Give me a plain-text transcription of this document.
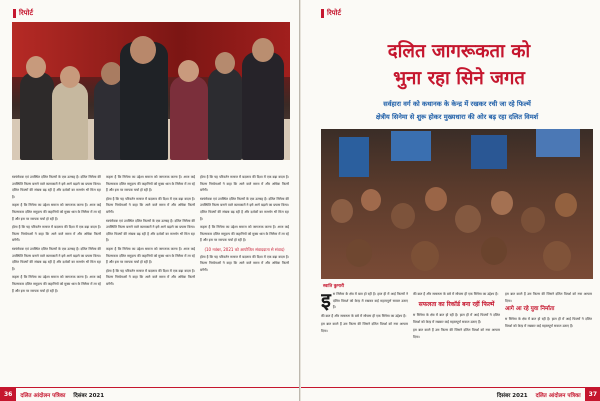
रिपोर्ट

स्वयंसेवक एवं उपस्थित दलित फिल्मों के एक उत्साह है। दलित सिनेमा की उपस्थिति फिल्म बनाने वाले कलाकारों ने इसे आगे बढ़ाने का प्रयास किया। दलित फिल्मों की संख्या बढ़ रही है और दर्शकों का समर्थन भी मिल रहा है।

कहना है कि सिनेमा का उद्देश्य समाज को जागरूक करना है। आज कई फिल्मकार दलित समुदाय की कहानियों को मुख्य धारा के सिनेमा में ला रहे हैं और इस पर व्यापक चर्चा हो रही है।

होता है कि यह परिवर्तन समाज में बदलाव की दिशा में एक बड़ा कदम है। फिल्म निर्माताओं ने कहा कि आने वाले समय में और अधिक फिल्में बनेंगी।

स्वयंसेवक एवं उपस्थित दलित फिल्मों के एक उत्साह है। दलित सिनेमा की उपस्थिति फिल्म बनाने वाले कलाकारों ने इसे आगे बढ़ाने का प्रयास किया। दलित फिल्मों की संख्या बढ़ रही है और दर्शकों का समर्थन भी मिल रहा है।

कहना है कि सिनेमा का उद्देश्य समाज को जागरूक करना है। आज कई फिल्मकार दलित समुदाय की कहानियों को मुख्य धारा के सिनेमा में ला रहे हैं और इस पर व्यापक चर्चा हो रही है।

कहना है कि सिनेमा का उद्देश्य समाज को जागरूक करना है। आज कई फिल्मकार दलित समुदाय की कहानियों को मुख्य धारा के सिनेमा में ला रहे हैं और इस पर व्यापक चर्चा हो रही है।

होता है कि यह परिवर्तन समाज में बदलाव की दिशा में एक बड़ा कदम है। फिल्म निर्माताओं ने कहा कि आने वाले समय में और अधिक फिल्में बनेंगी।

स्वयंसेवक एवं उपस्थित दलित फिल्मों के एक उत्साह है। दलित सिनेमा की उपस्थिति फिल्म बनाने वाले कलाकारों ने इसे आगे बढ़ाने का प्रयास किया। दलित फिल्मों की संख्या बढ़ रही है और दर्शकों का समर्थन भी मिल रहा है।

कहना है कि सिनेमा का उद्देश्य समाज को जागरूक करना है। आज कई फिल्मकार दलित समुदाय की कहानियों को मुख्य धारा के सिनेमा में ला रहे हैं और इस पर व्यापक चर्चा हो रही है।

होता है कि यह परिवर्तन समाज में बदलाव की दिशा में एक बड़ा कदम है। फिल्म निर्माताओं ने कहा कि आने वाले समय में और अधिक फिल्में बनेंगी।

होता है कि यह परिवर्तन समाज में बदलाव की दिशा में एक बड़ा कदम है। फिल्म निर्माताओं ने कहा कि आने वाले समय में और अधिक फिल्में बनेंगी।

स्वयंसेवक एवं उपस्थित दलित फिल्मों के एक उत्साह है। दलित सिनेमा की उपस्थिति फिल्म बनाने वाले कलाकारों ने इसे आगे बढ़ाने का प्रयास किया। दलित फिल्मों की संख्या बढ़ रही है और दर्शकों का समर्थन भी मिल रहा है।

कहना है कि सिनेमा का उद्देश्य समाज को जागरूक करना है। आज कई फिल्मकार दलित समुदाय की कहानियों को मुख्य धारा के सिनेमा में ला रहे हैं और इस पर व्यापक चर्चा हो रही है।

(10 नवंबर, 2021 को आयोजित संवाददाता से संवाद)

होता है कि यह परिवर्तन समाज में बदलाव की दिशा में एक बड़ा कदम है। फिल्म निर्माताओं ने कहा कि आने वाले समय में और अधिक फिल्में बनेंगी।

36	दलित आंदोलन पत्रिका	दिसंबर 2021
रिपोर्ट
दलित जागरूकता को
भुना रहा सिने जगत
सर्वहारा वर्ग को कथानक के केन्द्र में रखकर रची जा रहे फिल्में
क्षेत्रीय सिनेमा से शुरू होकर मुख्यधारा की ओर बढ़ रहा दलित विमर्श
स्वाति कुमारी
इ स सिनेमा के क्षेत्र में बात हो रही है। हाल ही में आई फिल्मों ने दलित विमर्श को केन्द्र में रखकर कई महत्वपूर्ण सवाल उठाए हैं।

की बात है और समानता के बारे में सोचना ही एक सिनेमा का उद्देश्य है।

हम बात करते हैं उस फिल्म की जिसने दलित विमर्श को नया आयाम दिया।

की बात है और समानता के बारे में सोचना ही एक सिनेमा का उद्देश्य है।

सफलता का रिकॉर्ड बना रहीं फिल्में

स सिनेमा के क्षेत्र में बात हो रही है। हाल ही में आई फिल्मों ने दलित विमर्श को केन्द्र में रखकर कई महत्वपूर्ण सवाल उठाए हैं।

हम बात करते हैं उस फिल्म की जिसने दलित विमर्श को नया आयाम दिया।

हम बात करते हैं उस फिल्म की जिसने दलित विमर्श को नया आयाम दिया।

आगे आ रहे युवा निर्माता

स सिनेमा के क्षेत्र में बात हो रही है। हाल ही में आई फिल्मों ने दलित विमर्श को केन्द्र में रखकर कई महत्वपूर्ण सवाल उठाए हैं।

दिसंबर 2021	दलित आंदोलन पत्रिका	37
